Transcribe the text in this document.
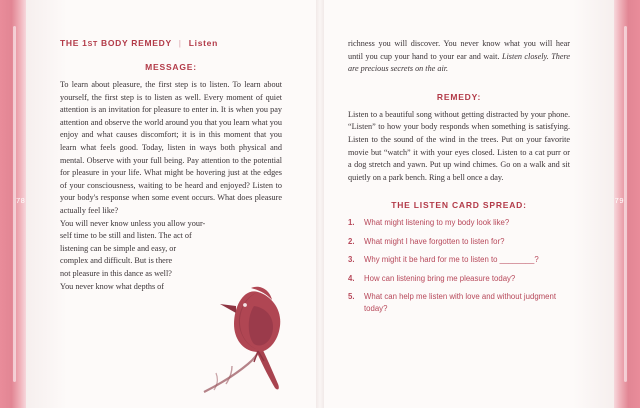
78	79
THE 1ST BODY REMEDY | Listen
MESSAGE:

To learn about pleasure, the first step is to listen. To learn about yourself, the first step is to listen as well. Every moment of quiet attention is an invitation for pleasure to enter in. It is when you pay attention and observe the world around you that you learn what you enjoy and what causes discomfort; it is in this moment that you learn what feels good. Today, listen in ways both physical and mental. Observe with your full being. Pay attention to the potential for pleasure in your life. What might be hovering just at the edges of your consciousness, waiting to be heard and enjoyed? Listen to your body's response when some event occurs. What does pleasure actually feel like?

You will never know unless you allow your-
self time to be still and listen. The act of
listening can be simple and easy, or
complex and difficult. But is there
not pleasure in this dance as well?
You never know what depths of

richness you will discover. You never know what you will hear until you cup your hand to your ear and wait. Listen closely. There are precious secrets on the air.

REMEDY:

Listen to a beautiful song without getting distracted by your phone. “Listen” to how your body responds when something is satisfying. Listen to the sound of the wind in the trees. Put on your favorite movie but “watch” it with your eyes closed. Listen to a cat purr or a dog stretch and yawn. Put up wind chimes. Go on a walk and sit quietly on a park bench. Ring a bell once a day.

THE LISTEN CARD SPREAD:
1. What might listening to my body look like?
2. What might I have forgotten to listen for?
3. Why might it be hard for me to listen to ________?
4. How can listening bring me pleasure today?
5. What can help me listen with love and without judgment today?
